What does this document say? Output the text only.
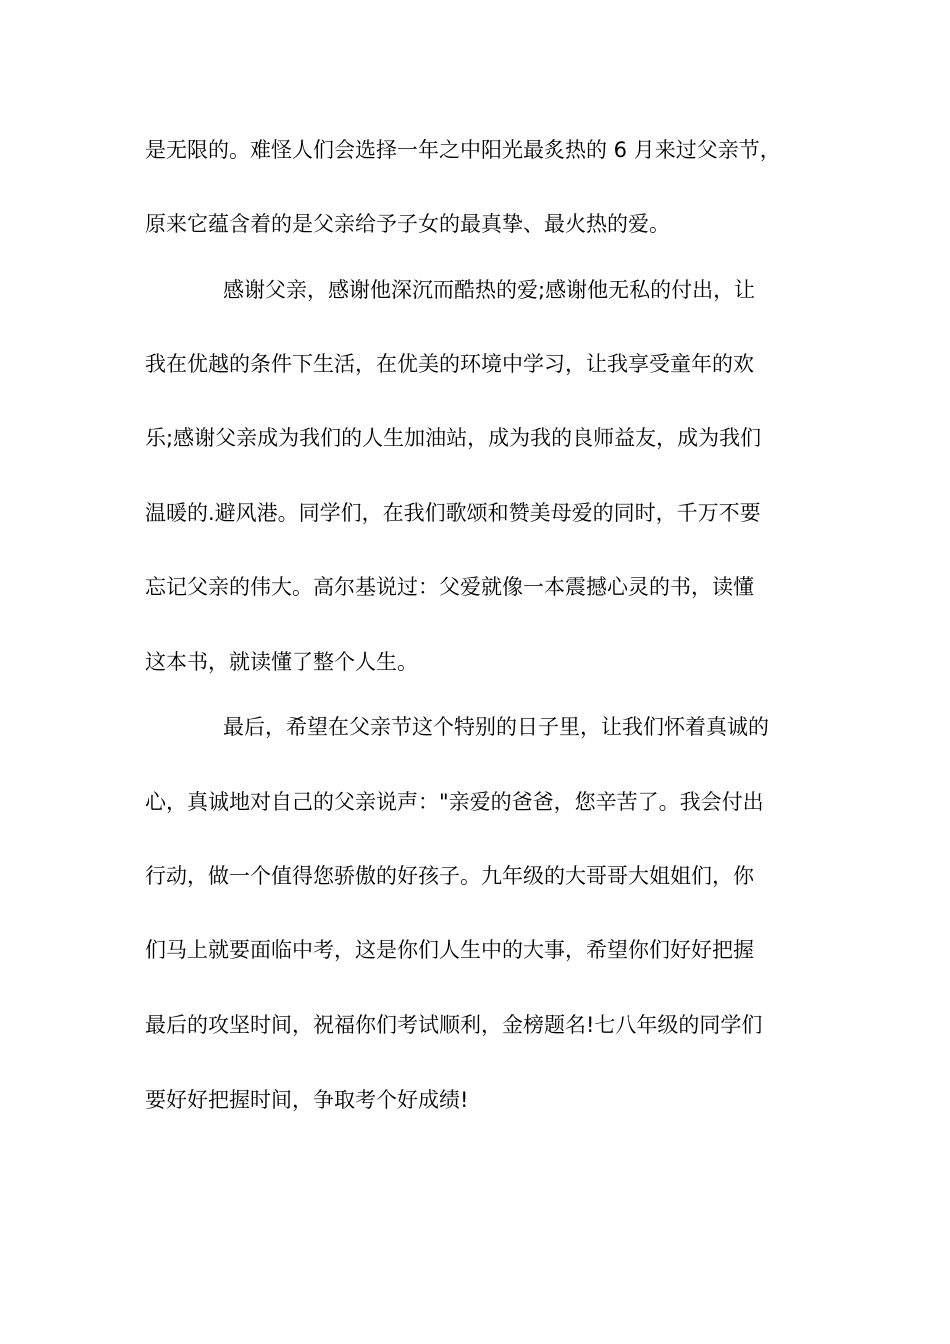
是无限的。难怪人们会选择一年之中阳光最炙热的 6 月来过父亲节，
原来它蕴含着的是父亲给予子女的最真挚、最火热的爱。
感谢父亲，感谢他深沉而酷热的爱;感谢他无私的付出，让
我在优越的条件下生活，在优美的环境中学习，让我享受童年的欢
乐;感谢父亲成为我们的人生加油站，成为我的良师益友，成为我们
温暖的.避风港。同学们，在我们歌颂和赞美母爱的同时，千万不要
忘记父亲的伟大。高尔基说过：父爱就像一本震撼心灵的书，读懂
这本书，就读懂了整个人生。
最后，希望在父亲节这个特别的日子里，让我们怀着真诚的
心，真诚地对自己的父亲说声："亲爱的爸爸，您辛苦了。我会付出
行动，做一个值得您骄傲的好孩子。九年级的大哥哥大姐姐们，你
们马上就要面临中考，这是你们人生中的大事，希望你们好好把握
最后的攻坚时间，祝福你们考试顺利，金榜题名!七八年级的同学们
要好好把握时间，争取考个好成绩!
